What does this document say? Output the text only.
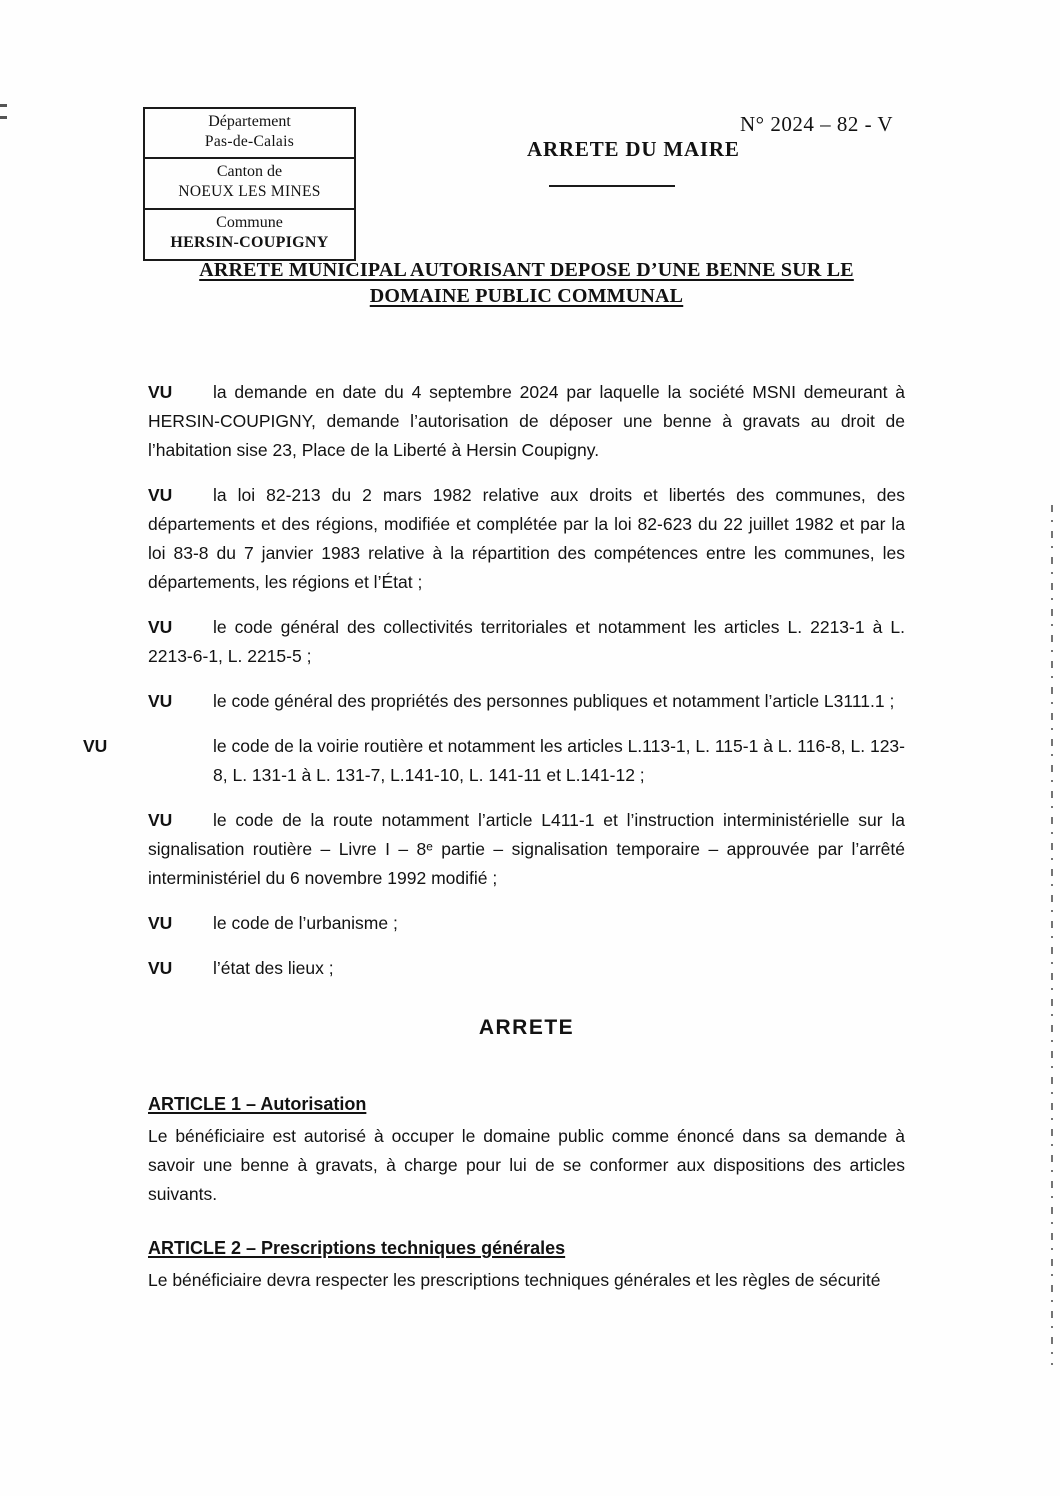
Département
Pas-de-Calais
Canton de
NOEUX LES MINES
Commune
HERSIN-COUPIGNY
N° 2024 – 82 - V
ARRETE DU MAIRE
ARRETE MUNICIPAL AUTORISANT DEPOSE D’UNE BENNE SUR LE
DOMAINE PUBLIC COMMUNAL

VU la demande en date du 4 septembre 2024 par laquelle la société MSNI demeurant à HERSIN-COUPIGNY, demande l’autorisation de déposer une benne à gravats au droit de l’habitation sise 23, Place de la Liberté à Hersin Coupigny.

VU la loi 82-213 du 2 mars 1982 relative aux droits et libertés des communes, des départements et des régions, modifiée et complétée par la loi 82-623 du 22 juillet 1982 et par la loi 83-8 du 7 janvier 1983 relative à la répartition des compétences entre les communes, les départements, les régions et l’État ;

VU le code général des collectivités territoriales et notamment les articles L. 2213-1 à L. 2213-6-1, L. 2215-5 ;

VU le code général des propriétés des personnes publiques et notamment l’article L3111.1 ;

VU	le code de la voirie routière et notamment les articles L.113-1, L. 115-1 à L. 116-8, L. 123-8, L. 131-1 à L. 131-7, L.141-10, L. 141-11 et L.141-12 ;

VU le code de la route notamment l’article L411-1 et l’instruction interministérielle sur la signalisation routière – Livre I – 8ᵉ partie – signalisation temporaire – approuvée par l’arrêté interministériel du 6 novembre 1992 modifié ;

VU le code de l’urbanisme ;

VU l’état des lieux ;

ARRETE
ARTICLE 1 – Autorisation

Le bénéficiaire est autorisé à occuper le domaine public comme énoncé dans sa demande à savoir une benne à gravats, à charge pour lui de se conformer aux dispositions des articles suivants.

ARTICLE 2 – Prescriptions techniques générales

Le bénéficiaire devra respecter les prescriptions techniques générales et les règles de sécurité
